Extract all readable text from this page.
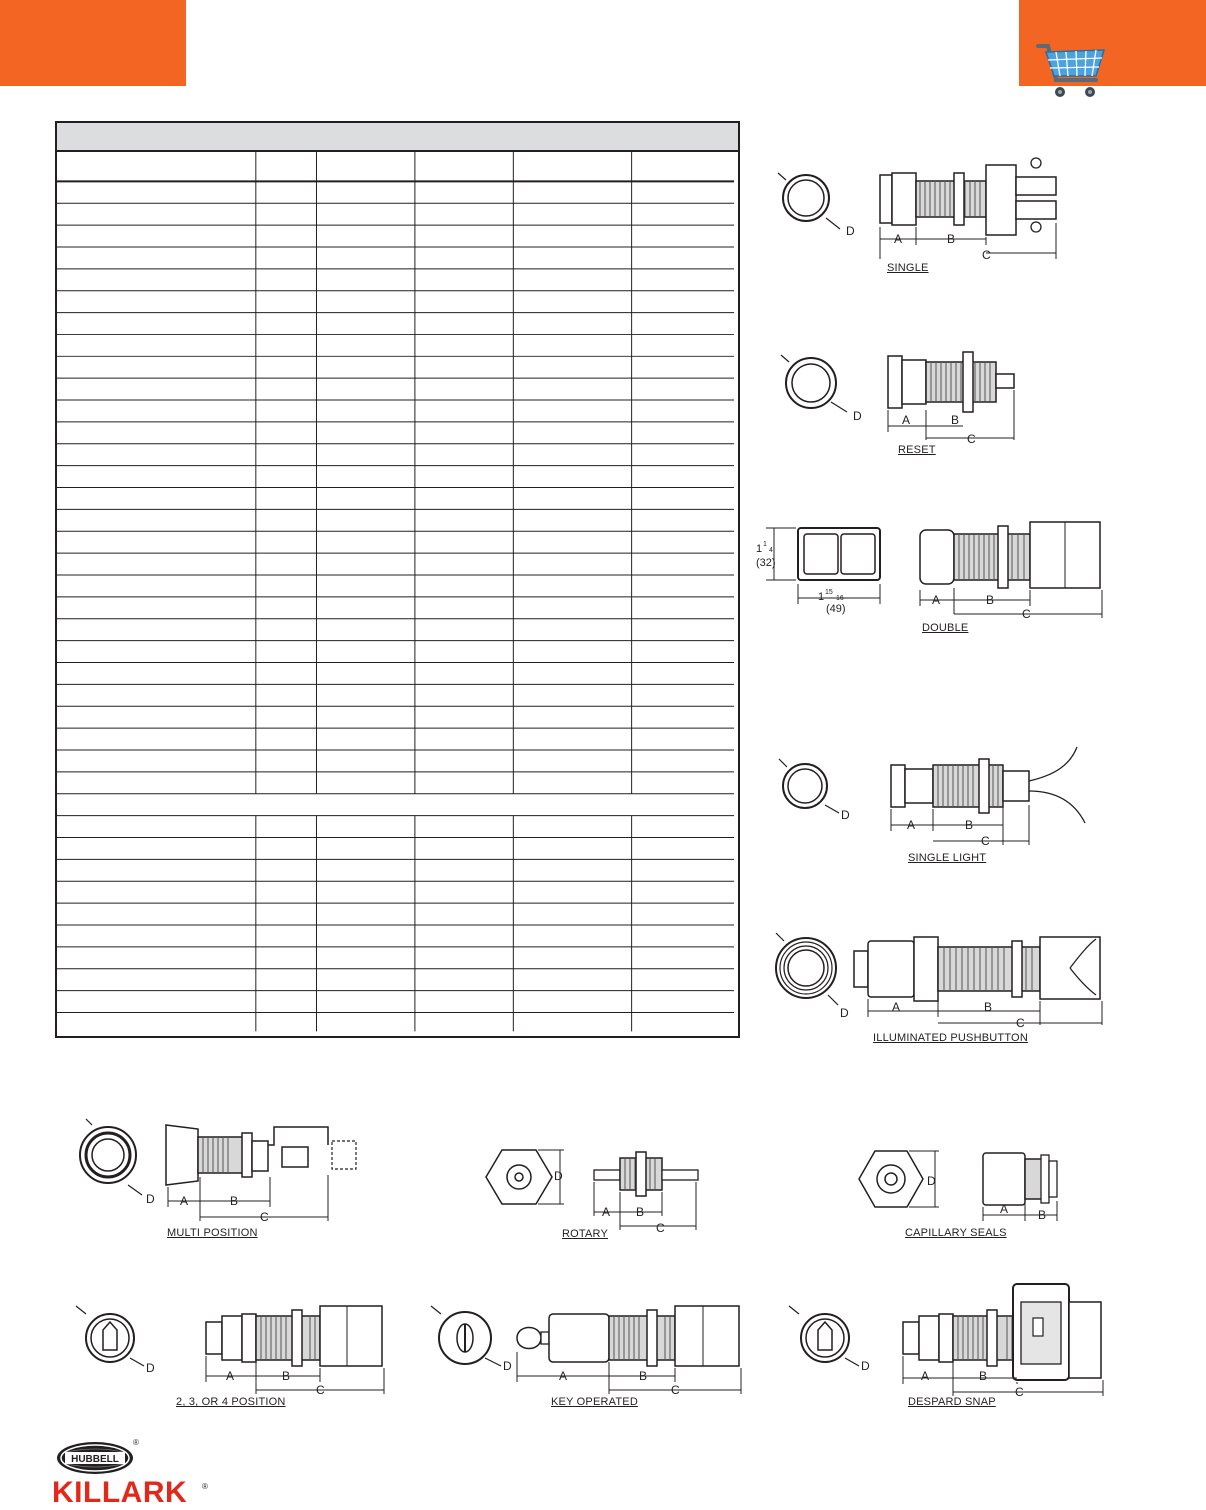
D
A	B
C
SINGLE
D	A	B
C
RESET
1 1
4
(32)
1 15
16
(49)
A	B
C
DOUBLE
D
A	B
C
SINGLE LIGHT
D	A	B
C
ILLUMINATED PUSHBUTTON
D A	B
C
MULTI POSITION
D
A B
C
ROTARY
D
A B
CAPILLARY SEALS
D
A	B
C
2, 3, OR 4 POSITION
D
A	B
C
KEY OPERATED
D
A	B
C
DESPARD SNAP
HUBBELL
®
KILLARK ®
